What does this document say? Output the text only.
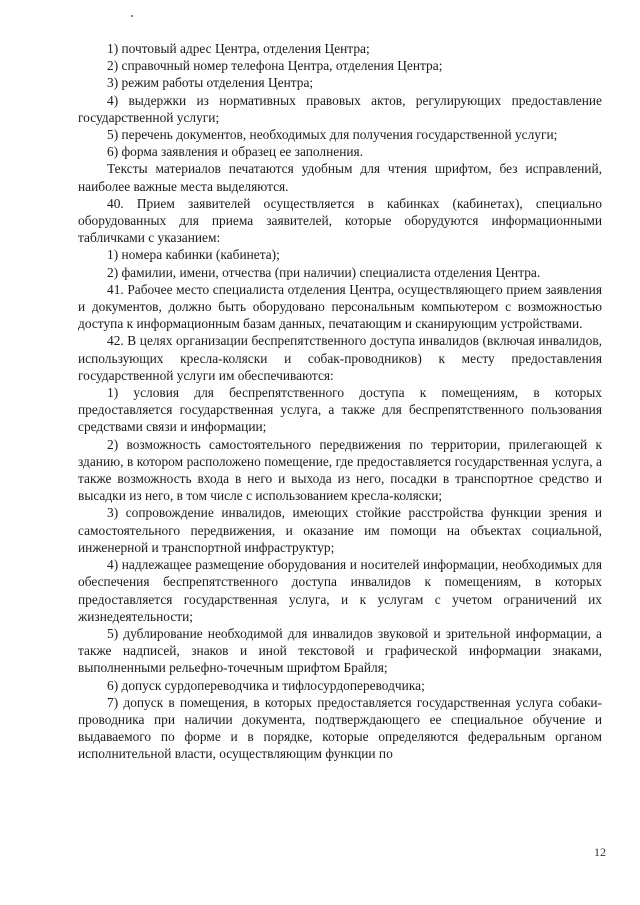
1) почтовый адрес Центра, отделения Центра;

2) справочный номер телефона Центра, отделения Центра;

3) режим работы отделения Центра;

4) выдержки из нормативных правовых актов, регулирующих предоставление государственной услуги;

5) перечень документов, необходимых для получения государственной услуги;

6) форма заявления и образец ее заполнения.

Тексты материалов печатаются удобным для чтения шрифтом, без исправлений, наиболее важные места выделяются.

40. Прием заявителей осуществляется в кабинках (кабинетах), специально оборудованных для приема заявителей, которые оборудуются информационными табличками с указанием:

1) номера кабинки (кабинета);

2) фамилии, имени, отчества (при наличии) специалиста отделения Центра.

41. Рабочее место специалиста отделения Центра, осуществляющего прием заявления и документов, должно быть оборудовано персональным компьютером с возможностью доступа к информационным базам данных, печатающим и сканирующим устройствами.

42. В целях организации беспрепятственного доступа инвалидов (включая инвалидов, использующих кресла-коляски и собак-проводников) к месту предоставления государственной услуги им обеспечиваются:

1) условия для беспрепятственного доступа к помещениям, в которых предоставляется государственная услуга, а также для беспрепятственного пользования средствами связи и информации;

2) возможность самостоятельного передвижения по территории, прилегающей к зданию, в котором расположено помещение, где предоставляется государственная услуга, а также возможность входа в него и выхода из него, посадки в транспортное средство и высадки из него, в том числе с использованием кресла-коляски;

3) сопровождение инвалидов, имеющих стойкие расстройства функции зрения и самостоятельного передвижения, и оказание им помощи на объектах социальной, инженерной и транспортной инфраструктур;

4) надлежащее размещение оборудования и носителей информации, необходимых для обеспечения беспрепятственного доступа инвалидов к помещениям, в которых предоставляется государственная услуга, и к услугам с учетом ограничений их жизнедеятельности;

5) дублирование необходимой для инвалидов звуковой и зрительной информации, а также надписей, знаков и иной текстовой и графической информации знаками, выполненными рельефно-точечным шрифтом Брайля;

6) допуск сурдопереводчика и тифлосурдопереводчика;

7) допуск в помещения, в которых предоставляется государственная услуга собаки-проводника при наличии документа, подтверждающего ее специальное обучение и выдаваемого по форме и в порядке, которые определяются федеральным органом исполнительной власти, осуществляющим функции по

12
